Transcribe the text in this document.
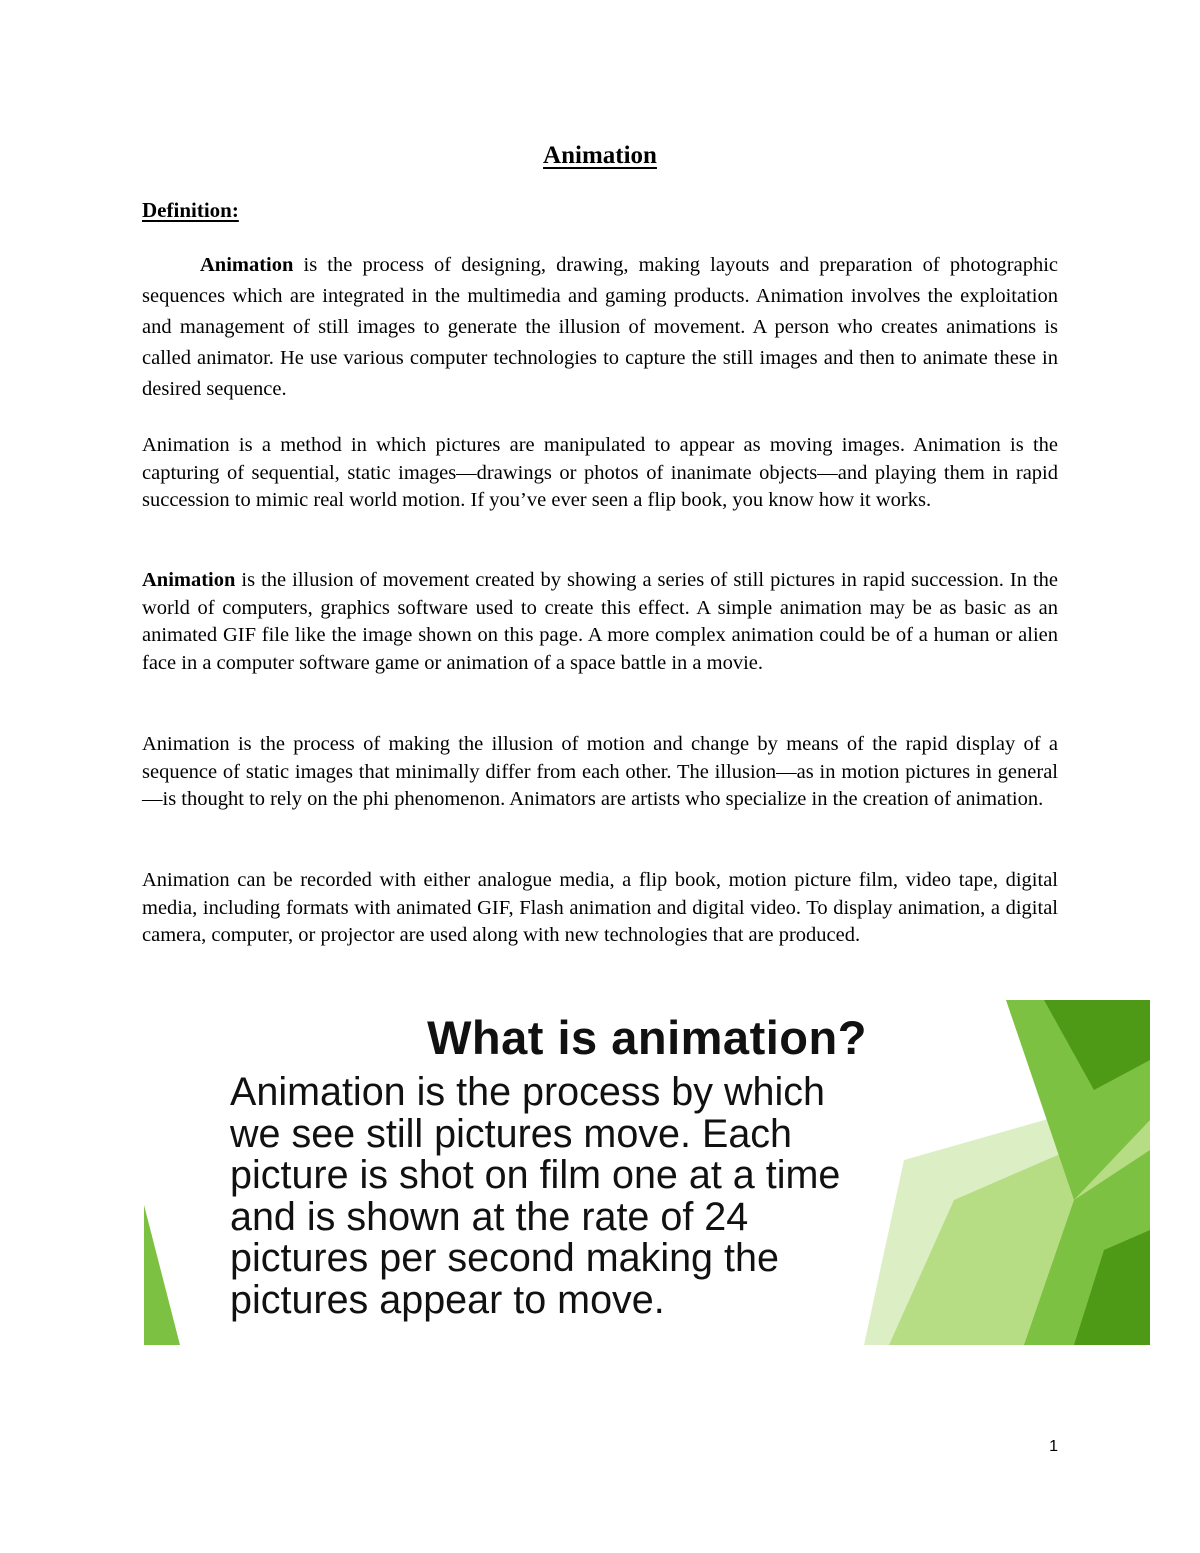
Animation
Definition:

Animation is the process of designing, drawing, making layouts and preparation of photographic sequences which are integrated in the multimedia and gaming products. Animation involves the exploitation and management of still images to generate the illusion of movement. A person who creates animations is called animator. He use various computer technologies to capture the still images and then to animate these in desired sequence.

Animation is a method in which pictures are manipulated to appear as moving images. Animation is the capturing of sequential, static images—drawings or photos of inanimate objects—and playing them in rapid succession to mimic real world motion. If you’ve ever seen a flip book, you know how it works.

Animation is the illusion of movement created by showing a series of still pictures in rapid succession. In the world of computers, graphics software used to create this effect. A simple animation may be as basic as an animated GIF file like the image shown on this page. A more complex animation could be of a human or alien face in a computer software game or animation of a space battle in a movie.

Animation is the process of making the illusion of motion and change by means of the rapid display of a sequence of static images that minimally differ from each other. The illusion—as in motion pictures in general—is thought to rely on the phi phenomenon. Animators are artists who specialize in the creation of animation.

Animation can be recorded with either analogue media, a flip book, motion picture film, video tape, digital media, including formats with animated GIF, Flash animation and digital video. To display animation, a digital camera, computer, or projector are used along with new technologies that are produced.

What is animation?

Animation is the process by which
we see still pictures move. Each
picture is shot on film one at a time
and is shown at the rate of 24
pictures per second making the
pictures appear to move.

1
